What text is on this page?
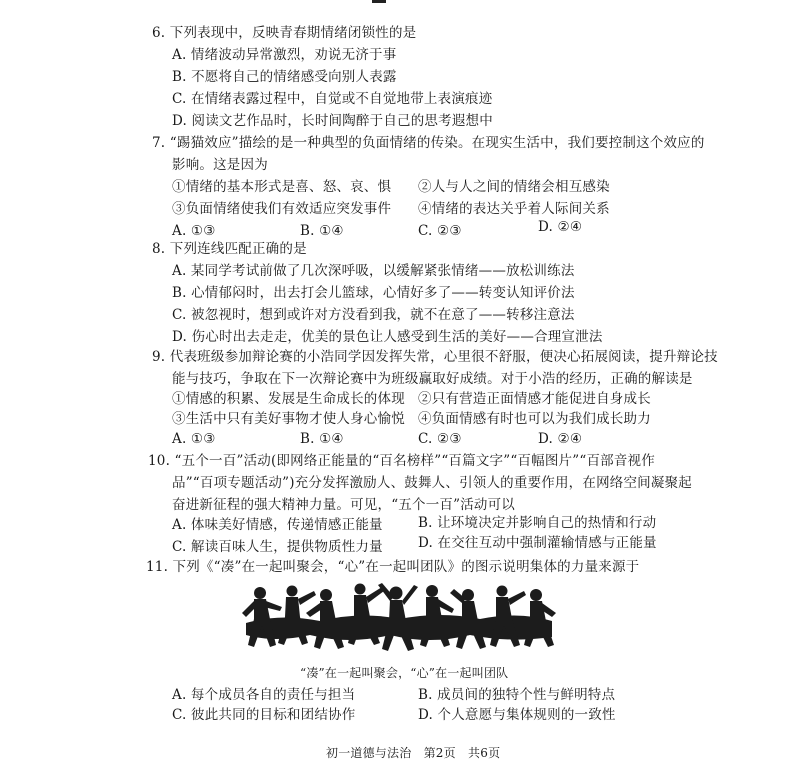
6. 下列表现中，反映青春期情绪闭锁性的是
A. 情绪波动异常激烈，劝说无济于事
B. 不愿将自己的情绪感受向别人表露
C. 在情绪表露过程中，自觉或不自觉地带上表演痕迹
D. 阅读文艺作品时，长时间陶醉于自己的思考遐想中
7. “踢猫效应”描绘的是一种典型的负面情绪的传染。在现实生活中，我们要控制这个效应的
影响。这是因为
①情绪的基本形式是喜、怒、哀、惧 ②人与人之间的情绪会相互感染
③负面情绪使我们有效适应突发事件 ④情绪的表达关乎着人际间关系
A. ①③	B. ①④	C. ②③	D. ②④
8. 下列连线匹配正确的是
A. 某同学考试前做了几次深呼吸，以缓解紧张情绪——放松训练法
B. 心情郁闷时，出去打会儿篮球，心情好多了——转变认知评价法
C. 被忽视时，想到或许对方没看到我，就不在意了——转移注意法
D. 伤心时出去走走，优美的景色让人感受到生活的美好——合理宣泄法
9. 代表班级参加辩论赛的小浩同学因发挥失常，心里很不舒服，便决心拓展阅读，提升辩论技
能与技巧，争取在下一次辩论赛中为班级赢取好成绩。对于小浩的经历，正确的解读是
①情感的积累、发展是生命成长的体现 ②只有营造正面情感才能促进自身成长
③生活中只有美好事物才使人身心愉悦 ④负面情感有时也可以为我们成长助力
A. ①③	B. ①④	C. ②③	D. ②④
10. “五个一百”活动(即网络正能量的“百名榜样”“百篇文字”“百幅图片”“百部音视作
品”“百项专题活动”)充分发挥激励人、鼓舞人、引领人的重要作用，在网络空间凝聚起
奋进新征程的强大精神力量。可见，“五个一百”活动可以
A. 体味美好情感，传递情感正能量	B. 让环境决定并影响自己的热情和行动
C. 解读百味人生，提供物质性力量	D. 在交往互动中强制灌输情感与正能量
11. 下列《“凑”在一起叫聚会，“心”在一起叫团队》的图示说明集体的力量来源于
“凑”在一起叫聚会，“心”在一起叫团队
A. 每个成员各自的责任与担当	B. 成员间的独特个性与鲜明特点
C. 彼此共同的目标和团结协作	D. 个人意愿与集体规则的一致性
初一道德与法治　第2页　共6页
